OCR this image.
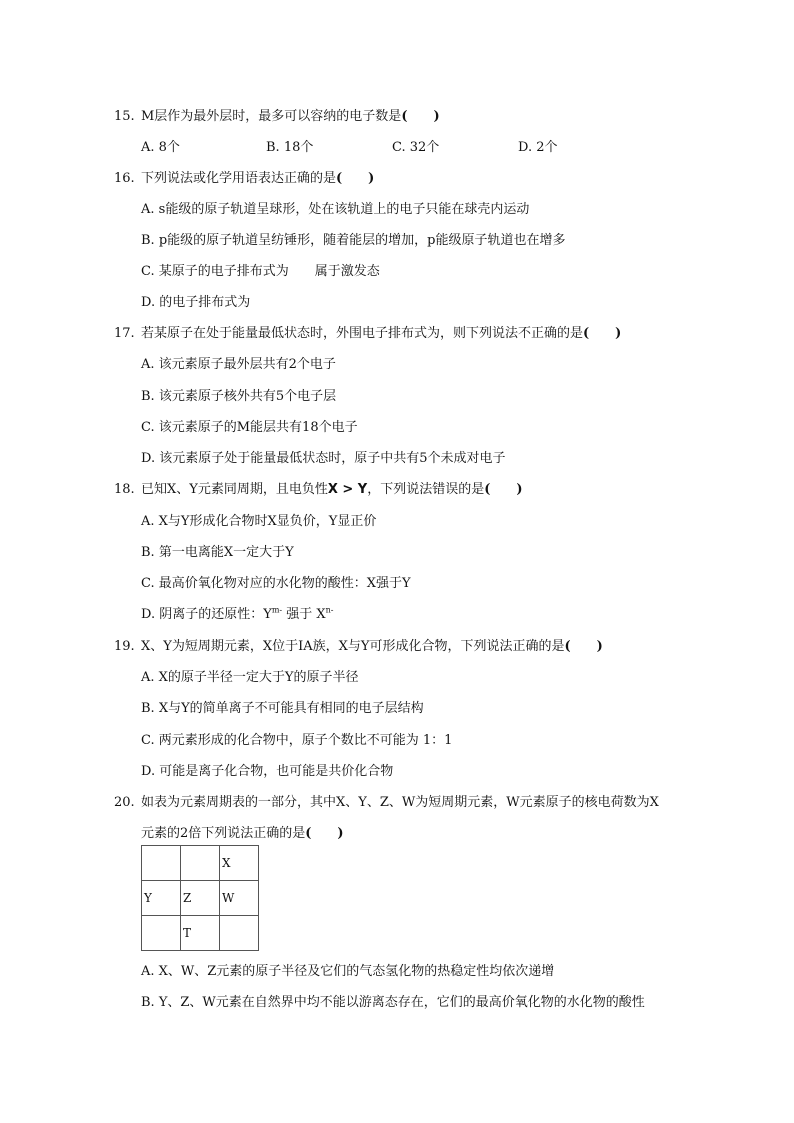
15. M层作为最外层时，最多可以容纳的电子数是(　　)
A. 8个	B. 18个	C. 32个	D. 2个
16. 下列说法或化学用语表达正确的是(　　)
A. s能级的原子轨道呈球形，处在该轨道上的电子只能在球壳内运动
B. p能级的原子轨道呈纺锤形，随着能层的增加，p能级原子轨道也在增多
C. 某原子的电子排布式为　　属于激发态
D. 的电子排布式为
17. 若某原子在处于能量最低状态时，外围电子排布式为，则下列说法不正确的是(　　)
A. 该元素原子最外层共有2个电子
B. 该元素原子核外共有5个电子层
C. 该元素原子的M能层共有18个电子
D. 该元素原子处于能量最低状态时，原子中共有5个未成对电子
18. 已知X、Y元素同周期，且电负性X > Y，下列说法错误的是(　　)
A. X与Y形成化合物时X显负价，Y显正价
B. 第一电离能X一定大于Y
C. 最高价氧化物对应的水化物的酸性：X强于Y
D. 阴离子的还原性：$Y^{m-}$ 强于 $X^{n-}$
19. X、Y为短周期元素，X位于ⅠA族，X与Y可形成化合物，下列说法正确的是(　　)
A. X的原子半径一定大于Y的原子半径
B. X与Y的简单离子不可能具有相同的电子层结构
C. 两元素形成的化合物中，原子个数比不可能为 1：1
D. 可能是离子化合物，也可能是共价化合物
20. 如表为元素周期表的一部分，其中X、Y、Z、W为短周期元素，W元素原子的核电荷数为X
元素的2倍下列说法正确的是(　　)
		X
Y	Z	W
	T	
A. X、W、Z元素的原子半径及它们的气态氢化物的热稳定性均依次递增
B. Y、Z、W元素在自然界中均不能以游离态存在，它们的最高价氧化物的水化物的酸性
